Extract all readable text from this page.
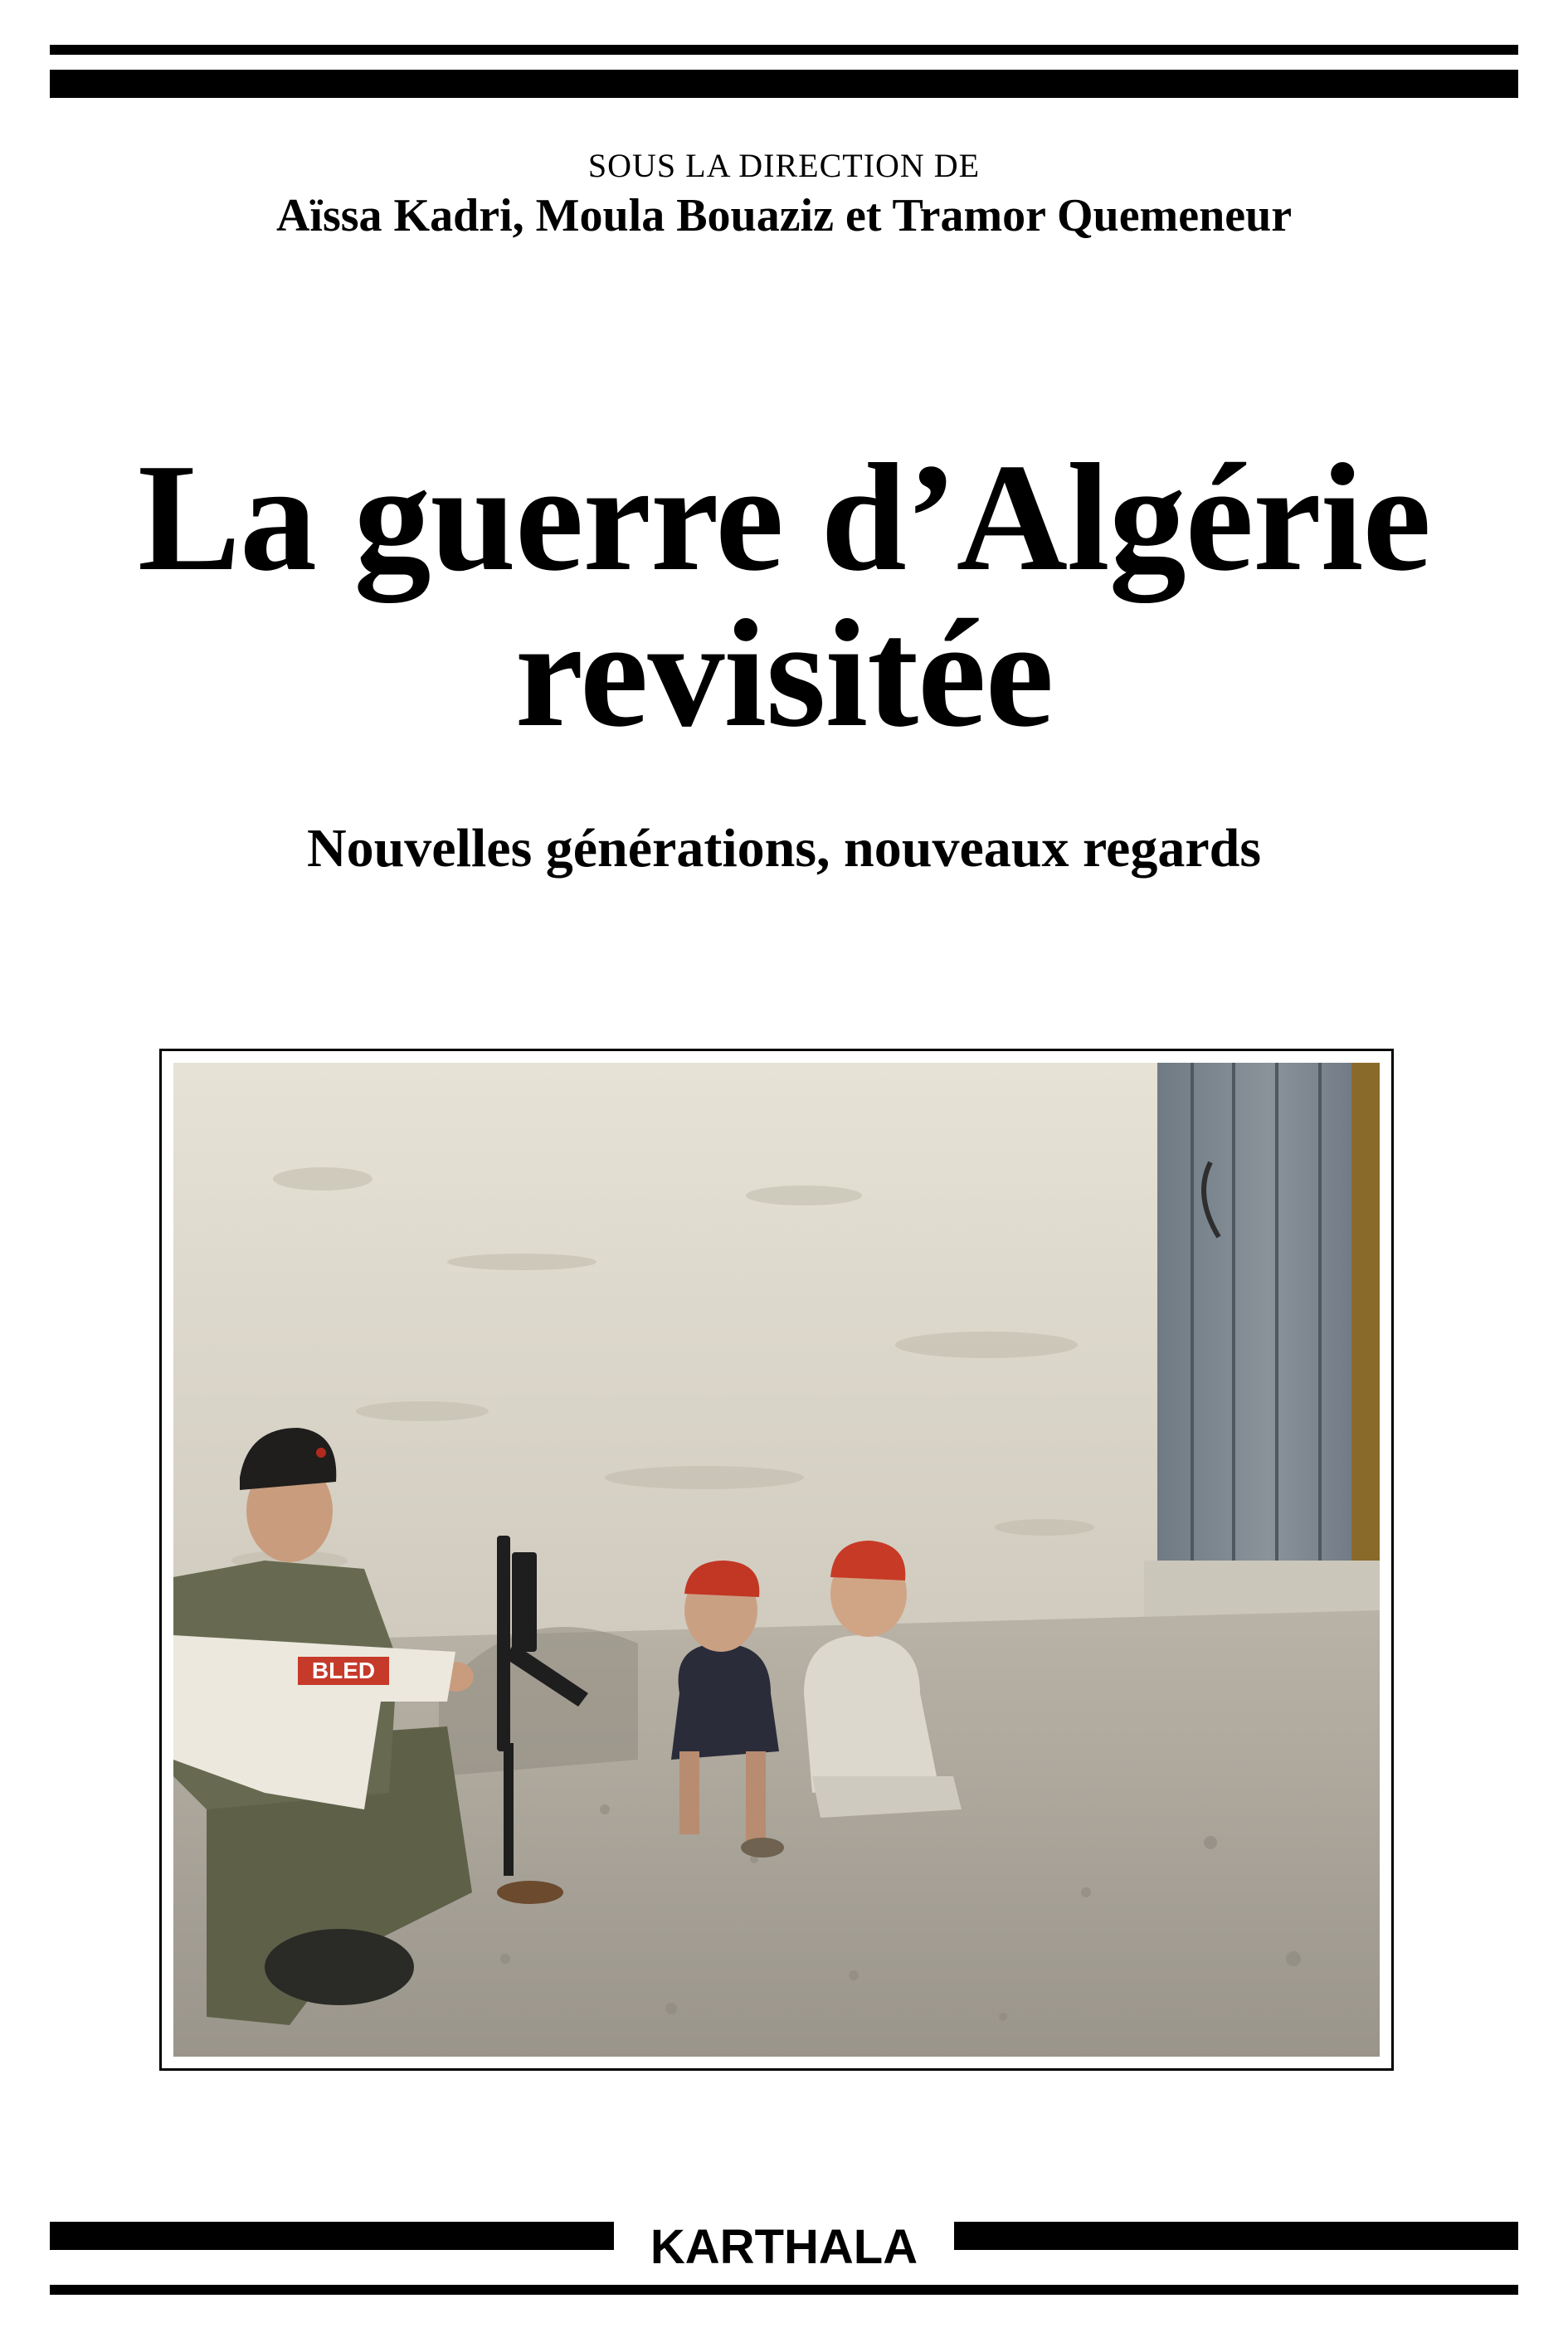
SOUS LA DIRECTION DE
Aïssa Kadri, Moula Bouaziz et Tramor Quemeneur
La guerre d’Algérie
revisitée
Nouvelles générations, nouveaux regards
BLED
KARTHALA
